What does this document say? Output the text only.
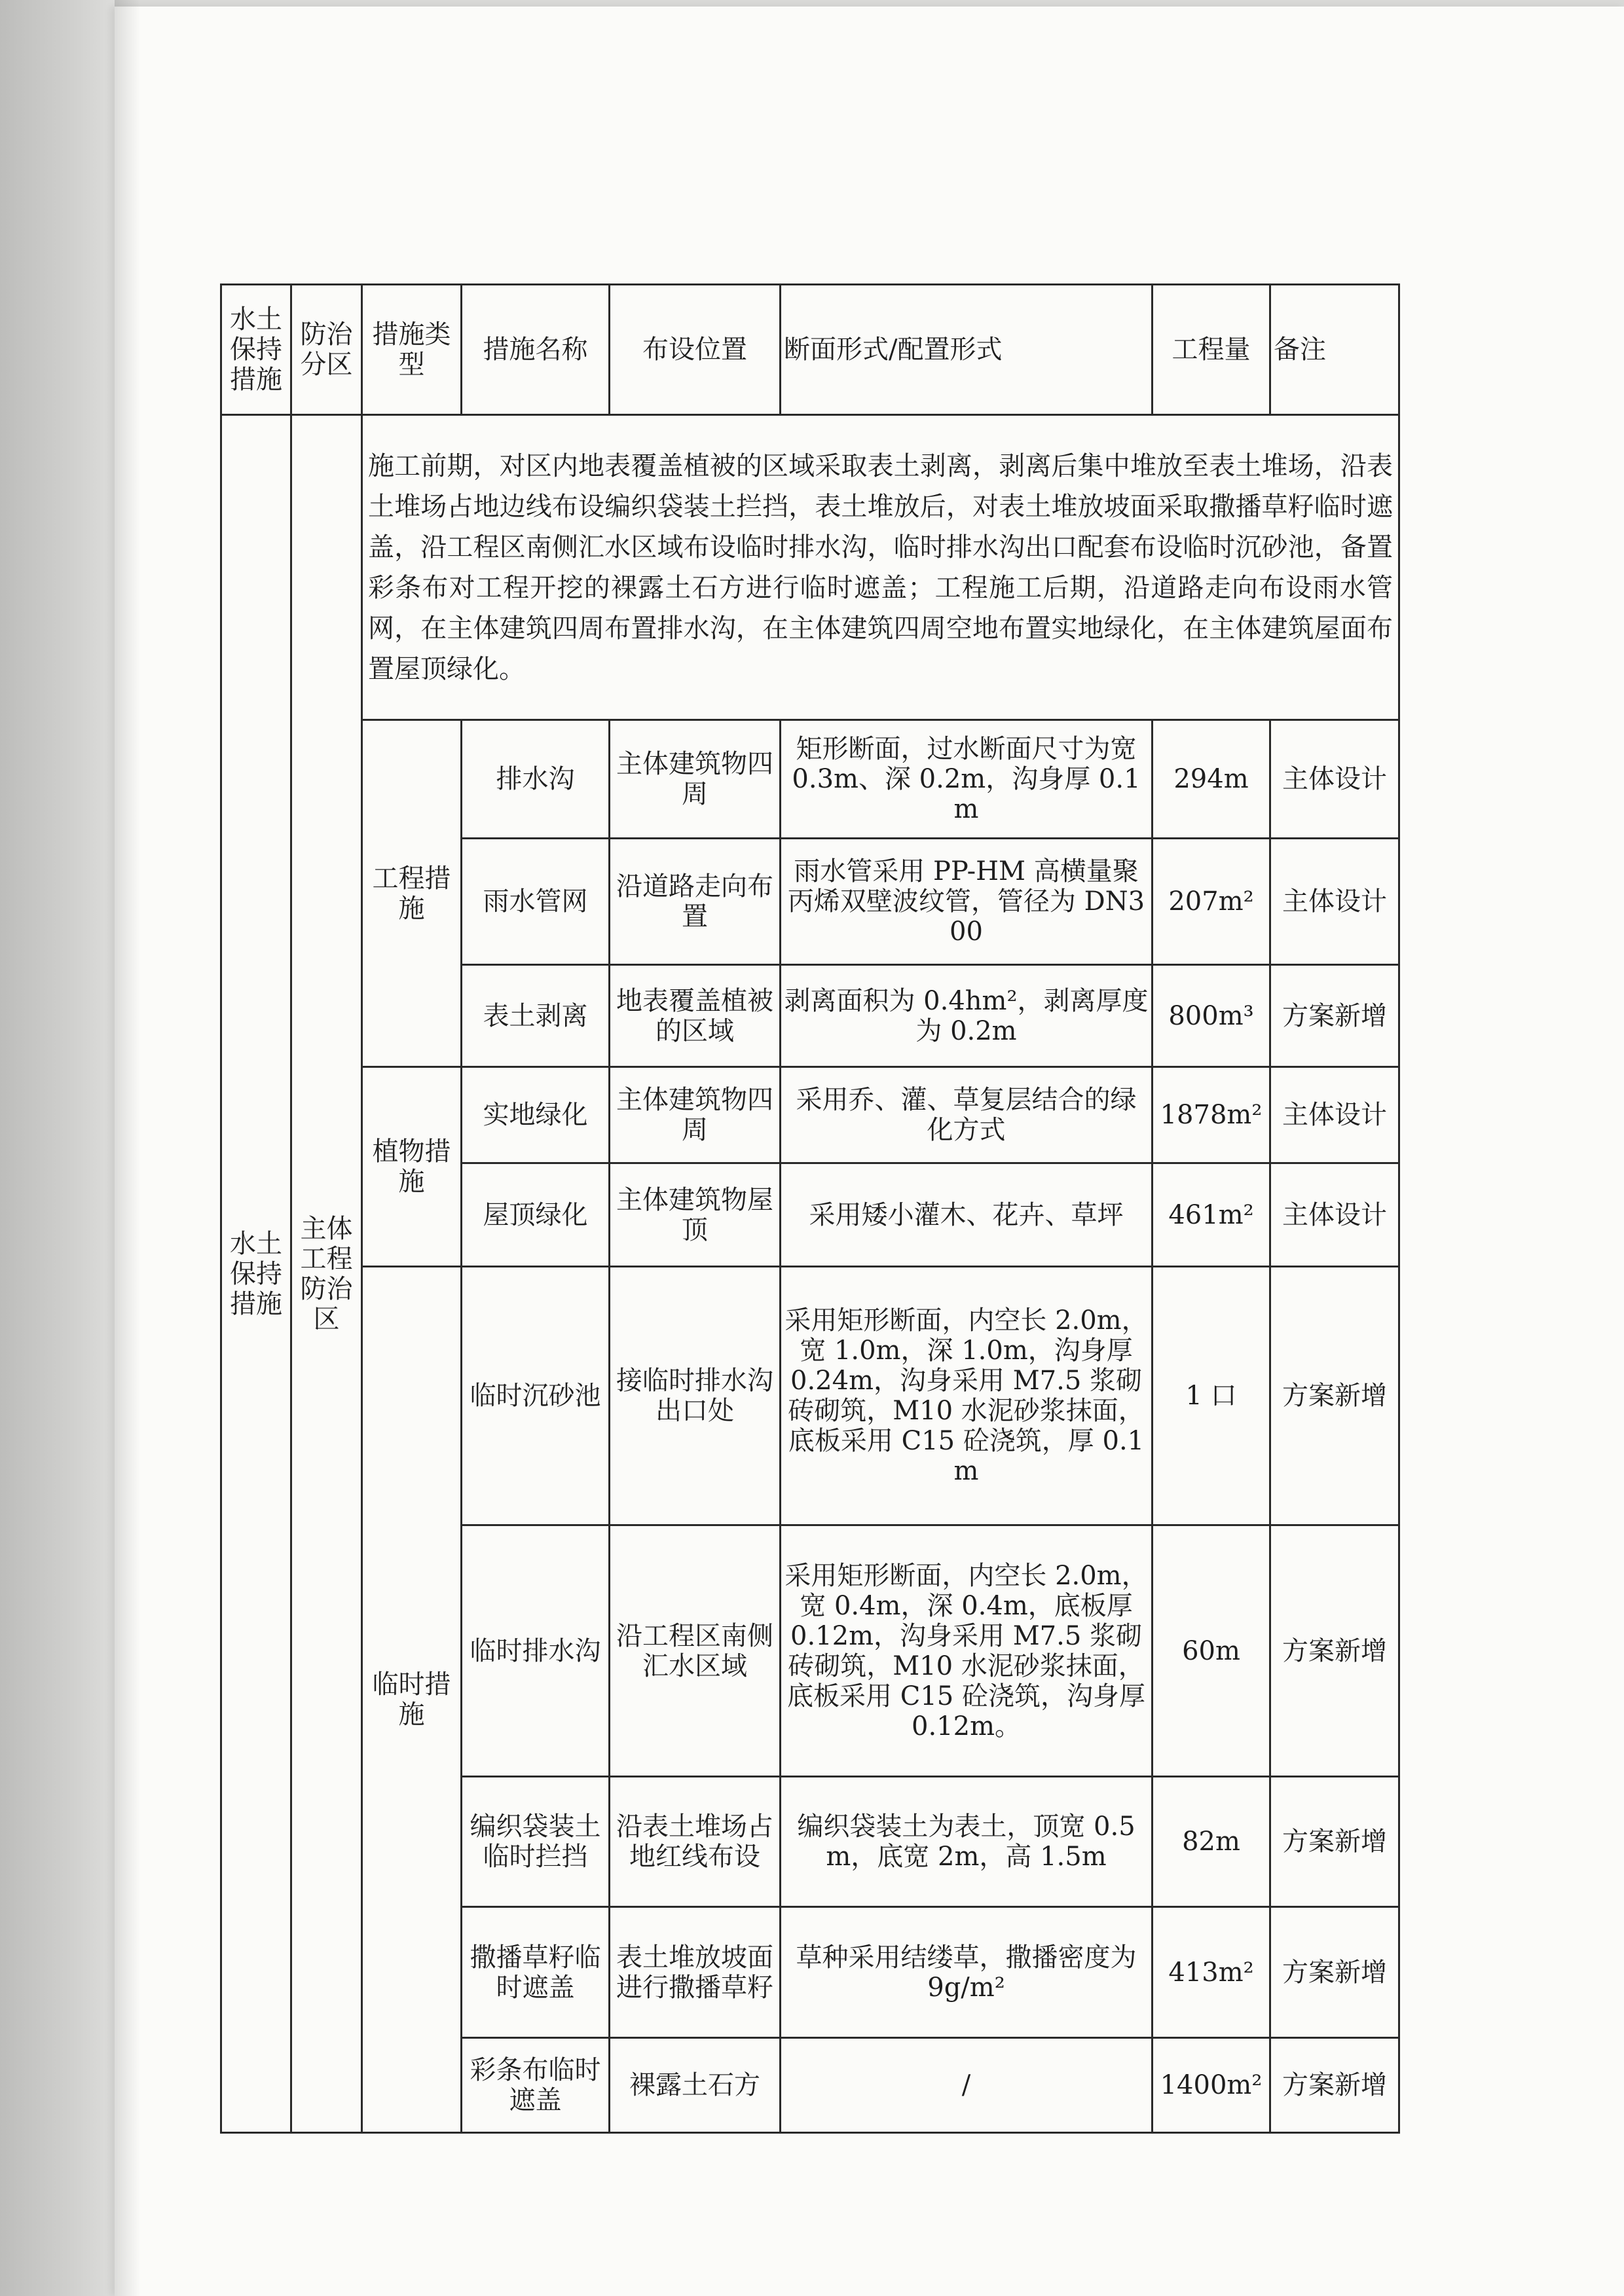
水土保持措施	防治分区	措施类型	措施名称	布设位置	断面形式/配置形式	工程量	备注
水土保持措施	主体工程防治区	施工前期，对区内地表覆盖植被的区域采取表土剥离，剥离后集中堆放至表土堆场，沿表土堆场占地边线布设编织袋装土拦挡，表土堆放后，对表土堆放坡面采取撒播草籽临时遮盖，沿工程区南侧汇水区域布设临时排水沟，临时排水沟出口配套布设临时沉砂池，备置彩条布对工程开挖的裸露土石方进行临时遮盖；工程施工后期，沿道路走向布设雨水管网，在主体建筑四周布置排水沟，在主体建筑四周空地布置实地绿化，在主体建筑屋面布置屋顶绿化。					
		工程措施	排水沟	主体建筑物四周	矩形断面，过水断面尺寸为宽 0.3m、深 0.2m，沟身厚 0.1m	294m	主体设计
			雨水管网	沿道路走向布置	雨水管采用 PP-HM 高横量聚丙烯双壁波纹管，管径为 DN300	207m²	主体设计
			表土剥离	地表覆盖植被的区域	剥离面积为 0.4hm²，剥离厚度为 0.2m	800m³	方案新增
		植物措施	实地绿化	主体建筑物四周	采用乔、灌、草复层结合的绿化方式	1878m²	主体设计
			屋顶绿化	主体建筑物屋顶	采用矮小灌木、花卉、草坪	461m²	主体设计
		临时措施	临时沉砂池	接临时排水沟出口处	采用矩形断面，内空长 2.0m，宽 1.0m，深 1.0m，沟身厚 0.24m，沟身采用 M7.5 浆砌砖砌筑，M10 水泥砂浆抹面，底板采用 C15 砼浇筑，厚 0.1m	1 口	方案新增
			临时排水沟	沿工程区南侧汇水区域	采用矩形断面，内空长 2.0m，宽 0.4m，深 0.4m，底板厚 0.12m，沟身采用 M7.5 浆砌砖砌筑，M10 水泥砂浆抹面，底板采用 C15 砼浇筑，沟身厚 0.12m。	60m	方案新增
			编织袋装土临时拦挡	沿表土堆场占地红线布设	编织袋装土为表土，顶宽 0.5m，底宽 2m，高 1.5m	82m	方案新增
			撒播草籽临时遮盖	表土堆放坡面进行撒播草籽	草种采用结缕草，撒播密度为 9g/m²	413m²	方案新增
			彩条布临时遮盖	裸露土石方	/	1400m²	方案新增
